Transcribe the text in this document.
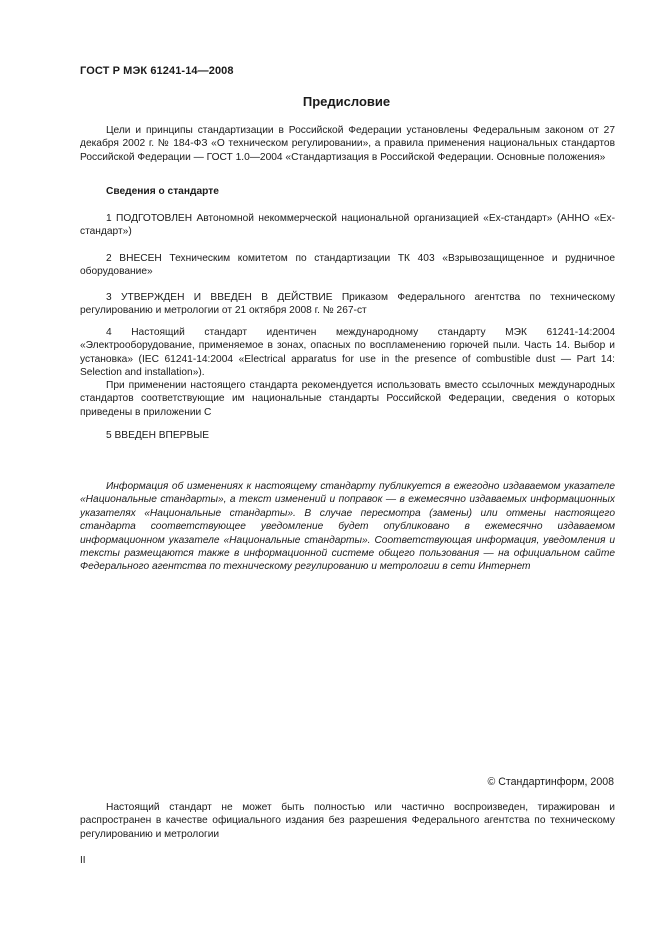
ГОСТ Р МЭК 61241-14—2008
Предисловие

Цели и принципы стандартизации в Российской Федерации установлены Федеральным законом от 27 декабря 2002 г. № 184-ФЗ «О техническом регулировании», а правила применения национальных стандартов Российской Федерации — ГОСТ 1.0—2004 «Стандартизация в Российской Федерации. Основные положения»

Сведения о стандарте

1 ПОДГОТОВЛЕН Автономной некоммерческой национальной организацией «Ех-стандарт» (АННО «Ех-стандарт»)

2 ВНЕСЕН Техническим комитетом по стандартизации ТК 403 «Взрывозащищенное и рудничное оборудование»

3 УТВЕРЖДЕН И ВВЕДЕН В ДЕЙСТВИЕ Приказом Федерального агентства по техническому регулированию и метрологии от 21 октября 2008 г. № 267-ст

4 Настоящий стандарт идентичен международному стандарту МЭК 61241-14:2004 «Электрооборудование, применяемое в зонах, опасных по воспламенению горючей пыли. Часть 14. Выбор и установка» (IEC 61241-14:2004 «Electrical apparatus for use in the presence of combustible dust — Part 14: Selection and installation»).

При применении настоящего стандарта рекомендуется использовать вместо ссылочных международных стандартов соответствующие им национальные стандарты Российской Федерации, сведения о которых приведены в приложении С

5 ВВЕДЕН ВПЕРВЫЕ

Информация об изменениях к настоящему стандарту публикуется в ежегодно издаваемом указателе «Национальные стандарты», а текст изменений и поправок — в ежемесячно издаваемых информационных указателях «Национальные стандарты». В случае пересмотра (замены) или отмены настоящего стандарта соответствующее уведомление будет опубликовано в ежемесячно издаваемом информационном указателе «Национальные стандарты». Соответствующая информация, уведомления и тексты размещаются также в информационной системе общего пользования — на официальном сайте Федерального агентства по техническому регулированию и метрологии в сети Интернет

© Стандартинформ, 2008

Настоящий стандарт не может быть полностью или частично воспроизведен, тиражирован и распространен в качестве официального издания без разрешения Федерального агентства по техническому регулированию и метрологии

II
